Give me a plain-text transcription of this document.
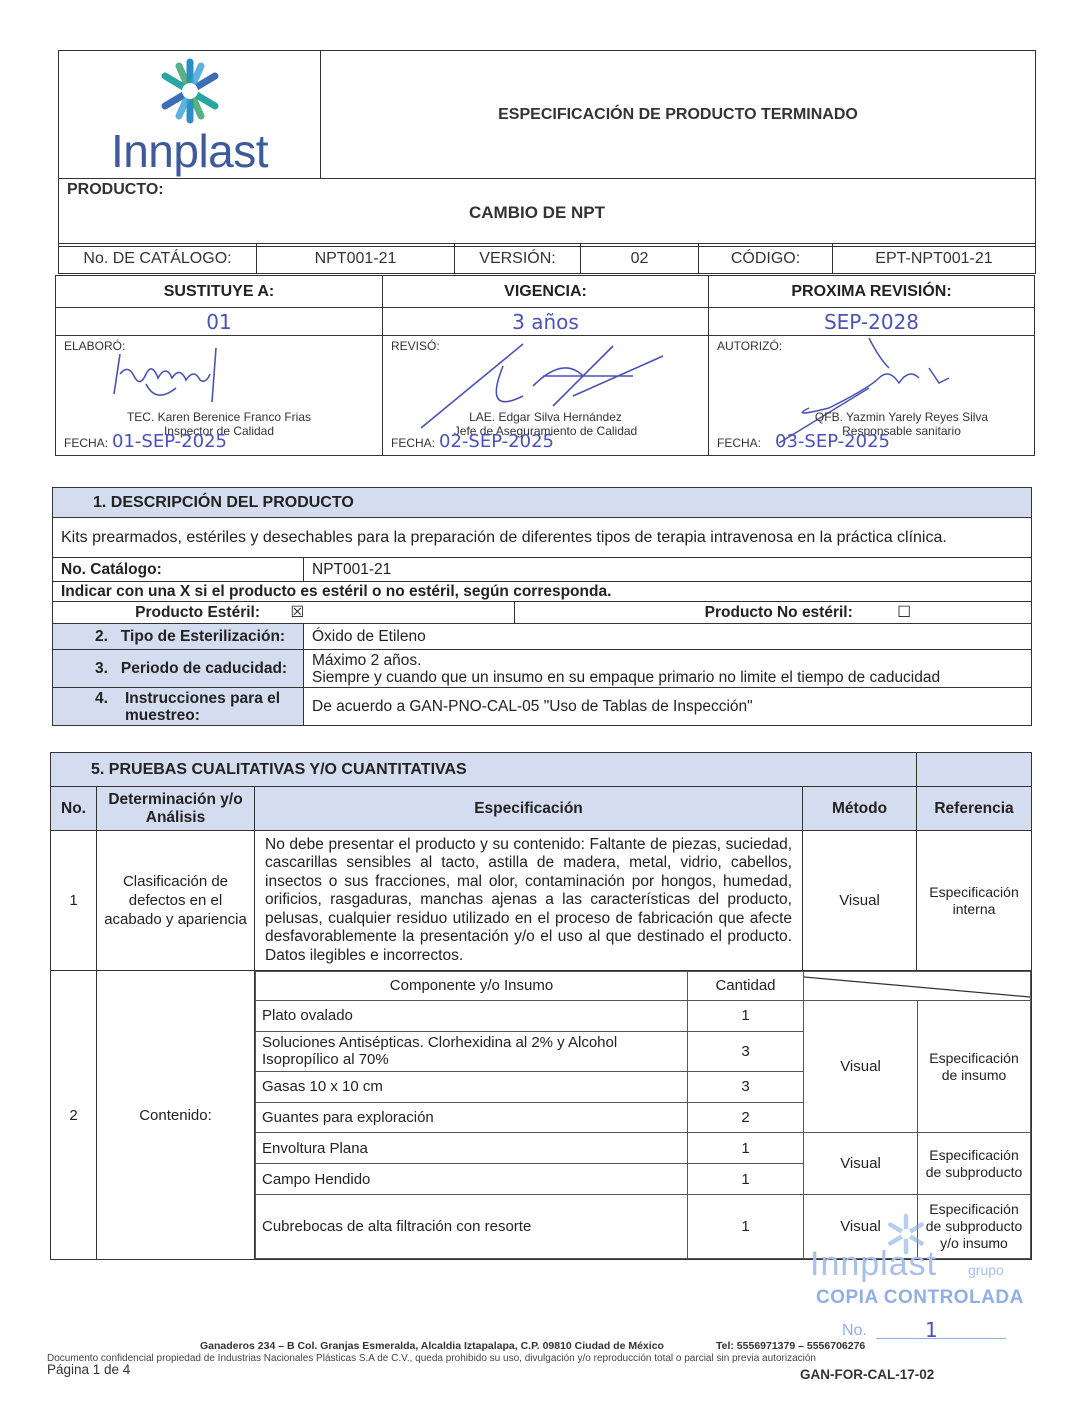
Innplast
	ESPECIFICACIÓN DE PRODUCTO TERMINADO

PRODUCTO:
CAMBIO DE NPT
No. DE CATÁLOGO:	NPT001-21	VERSIÓN:	02	CÓDIGO:	EPT-NPT001-21
SUSTITUYE A:	VIGENCIA:	PROXIMA REVISIÓN:
01	3 años	SEP-2028

ELABORÓ:
TEC. Karen Berenice Franco Frias
Inspector de Calidad
FECHA: 01-SEP-2025

REVISÓ:
LAE. Edgar Silva Hernández
Jefe de Aseguramiento de Calidad
FECHA: 02-SEP-2025

AUTORIZÓ:
QFB. Yazmin Yarely Reyes Silva
Responsable sanitario
FECHA: 03-SEP-2025
1. DESCRIPCIÓN DEL PRODUCTO		
Kits prearmados, estériles y desechables para la preparación de diferentes tipos de terapia intravenosa en la práctica clínica.		
No. Catálogo:	NPT001-21	
Indicar con una X si el producto es estéril o no estéril, según corresponda.		
Producto Estéril: ☒		Producto No estéril: ☐
2. Tipo de Esterilización:	Óxido de Etileno	
3. Periodo de caducidad:	Máximo 2 años.
Siempre y cuando que un insumo en su empaque primario no limite el tiempo de caducidad	

4. Instrucciones para el muestreo:	De acuerdo a GAN-PNO-CAL-05 "Uso de Tablas de Inspección"	
5. PRUEBAS CUALITATIVAS Y/O CUANTITATIVAS	
No.	Determinación y/o Análisis	Especificación	Método	Referencia
1	Clasificación de defectos en el acabado y apariencia	No debe presentar el producto y su contenido: Faltante de piezas, suciedad, cascarillas sensibles al tacto, astilla de madera, metal, vidrio, cabellos, insectos o sus fracciones, mal olor, contaminación por hongos, humedad, orificios, rasgaduras, manchas ajenas a las características del producto, pelusas, cualquier residuo utilizado en el proceso de fabricación que afecte desfavorablemente la presentación y/o el uso al que destinado el producto. Datos ilegibles e incorrectos.	Visual	Especificación interna
2	Contenido:	
Componente y/o Insumo	Cantidad	

Plato ovalado	1	Visual	Especificación de insumo
Soluciones Antisépticas. Clorhexidina al 2% y Alcohol Isopropílico al 70%	3
Gasas 10 x 10 cm	3
Guantes para exploración	2
Envoltura Plana	1	Visual	Especificación de subproducto
Campo Hendido	1
Cubrebocas de alta filtración con resorte	1	Visual	Especificación de subproducto y/o insumo
Innplast grupo
COPIA CONTROLADA
No.	1
Ganaderos 234 – B Col. Granjas Esmeralda, Alcaldia Iztapalapa, C.P. 09810 Ciudad de México	Tel: 5556971379 – 5556706276
Documento confidencial propiedad de Industrias Nacionales Plásticas S.A de C.V., queda prohibido su uso, divulgación y/o reproducción total o parcial sin previa autorización
Página 1 de 4	GAN-FOR-CAL-17-02
